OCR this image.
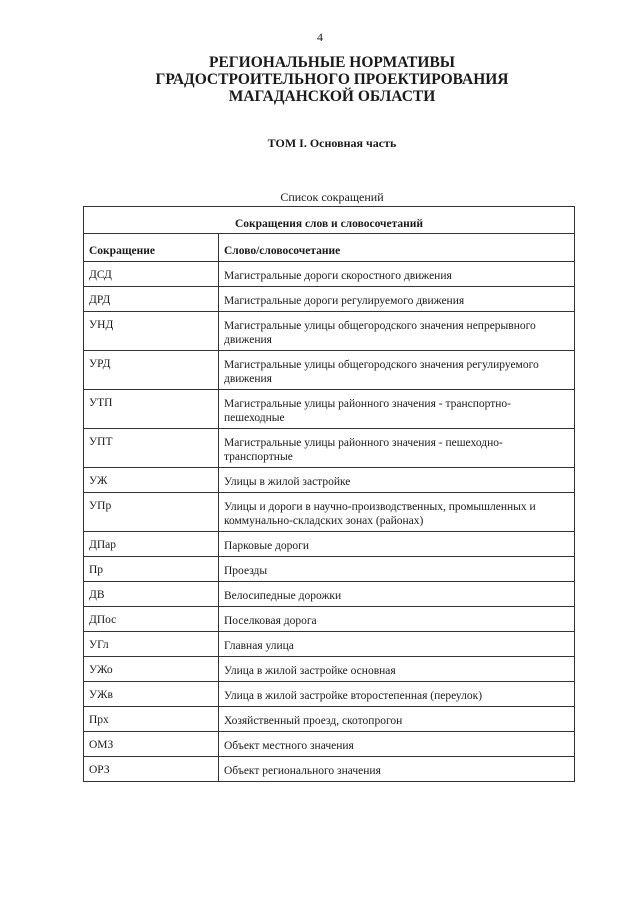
4
РЕГИОНАЛЬНЫЕ НОРМАТИВЫ
ГРАДОСТРОИТЕЛЬНОГО ПРОЕКТИРОВАНИЯ
МАГАДАНСКОЙ ОБЛАСТИ
ТОМ I. Основная часть
Список сокращений
Сокращения слов и словосочетаний	
Сокращение	Слово/словосочетание
ДСД	Магистральные дороги скоростного движения
ДРД	Магистральные дороги регулируемого движения
УНД	Магистральные улицы общегородского значения непрерывного движения
УРД	Магистральные улицы общегородского значения регулируемого движения
УТП	Магистральные улицы районного значения - транспортно-пешеходные
УПТ	Магистральные улицы районного значения - пешеходно-транспортные
УЖ	Улицы в жилой застройке
УПр	Улицы и дороги в научно-производственных, промышленных и коммунально-складских зонах (районах)
ДПар	Парковые дороги
Пр	Проезды
ДВ	Велосипедные дорожки
ДПос	Поселковая дорога
УГл	Главная улица
УЖо	Улица в жилой застройке основная
УЖв	Улица в жилой застройке второстепенная (переулок)
Прх	Хозяйственный проезд, скотопрогон
ОМЗ	Объект местного значения
ОРЗ	Объект регионального значения
